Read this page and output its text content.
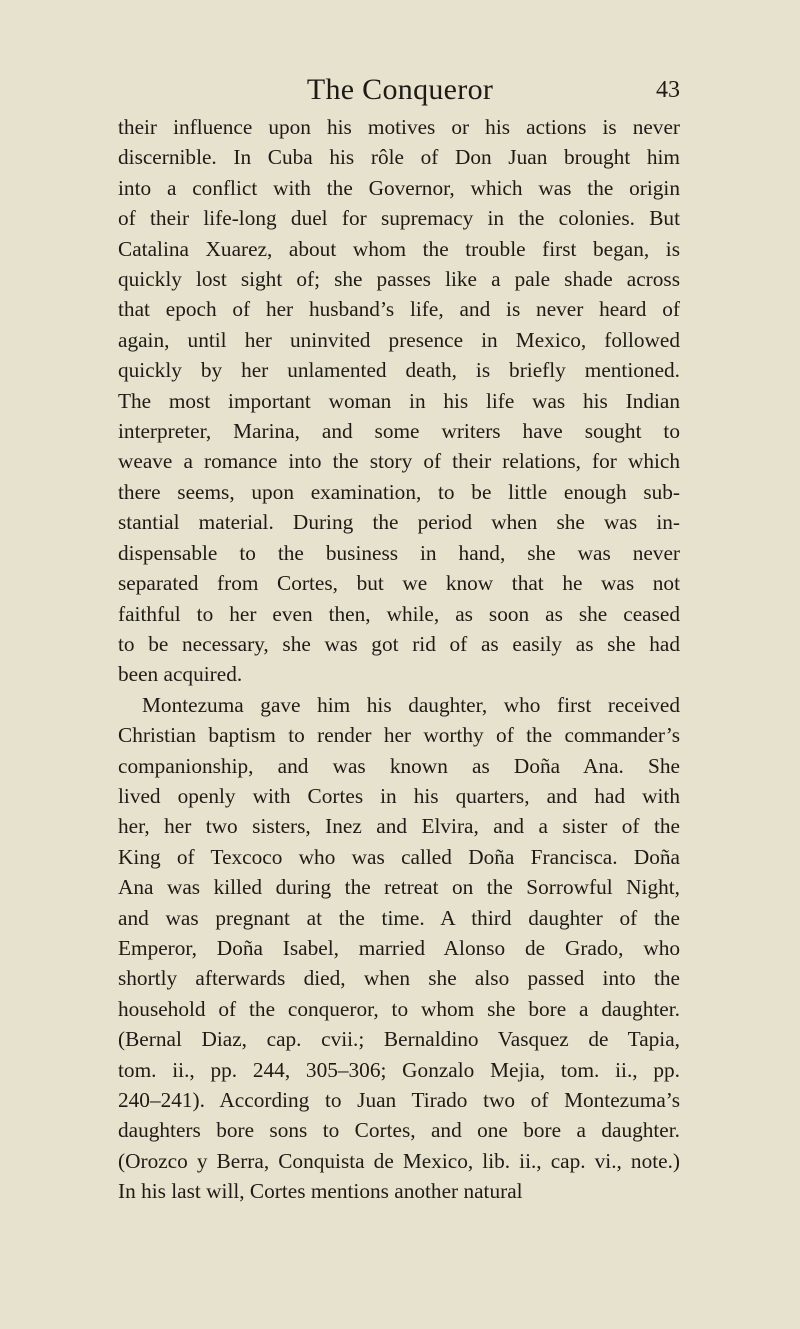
The Conqueror	43
their influence upon his motives or his actions is never
discernible. In Cuba his rôle of Don Juan brought him
into a conflict with the Governor, which was the origin
of their life-long duel for supremacy in the colonies. But
Catalina Xuarez, about whom the trouble first began, is
quickly lost sight of; she passes like a pale shade across
that epoch of her husband’s life, and is never heard of
again, until her uninvited presence in Mexico, followed
quickly by her unlamented death, is briefly mentioned.
The most important woman in his life was his Indian
interpreter, Marina, and some writers have sought to
weave a romance into the story of their relations, for which
there seems, upon examination, to be little enough sub-
stantial material. During the period when she was in-
dispensable to the business in hand, she was never
separated from Cortes, but we know that he was not
faithful to her even then, while, as soon as she ceased
to be necessary, she was got rid of as easily as she had
been acquired.
Montezuma gave him his daughter, who first received
Christian baptism to render her worthy of the commander’s
companionship, and was known as Doña Ana. She
lived openly with Cortes in his quarters, and had with
her, her two sisters, Inez and Elvira, and a sister of the
King of Texcoco who was called Doña Francisca. Doña
Ana was killed during the retreat on the Sorrowful Night,
and was pregnant at the time. A third daughter of the
Emperor, Doña Isabel, married Alonso de Grado, who
shortly afterwards died, when she also passed into the
household of the conqueror, to whom she bore a daughter.
(Bernal Diaz, cap. cvii.; Bernaldino Vasquez de Tapia,
tom. ii., pp. 244, 305–306; Gonzalo Mejia, tom. ii., pp.
240–241). According to Juan Tirado two of Montezuma’s
daughters bore sons to Cortes, and one bore a daughter.
(Orozco y Berra, Conquista de Mexico, lib. ii., cap. vi., note.)
In his last will, Cortes mentions another natural
